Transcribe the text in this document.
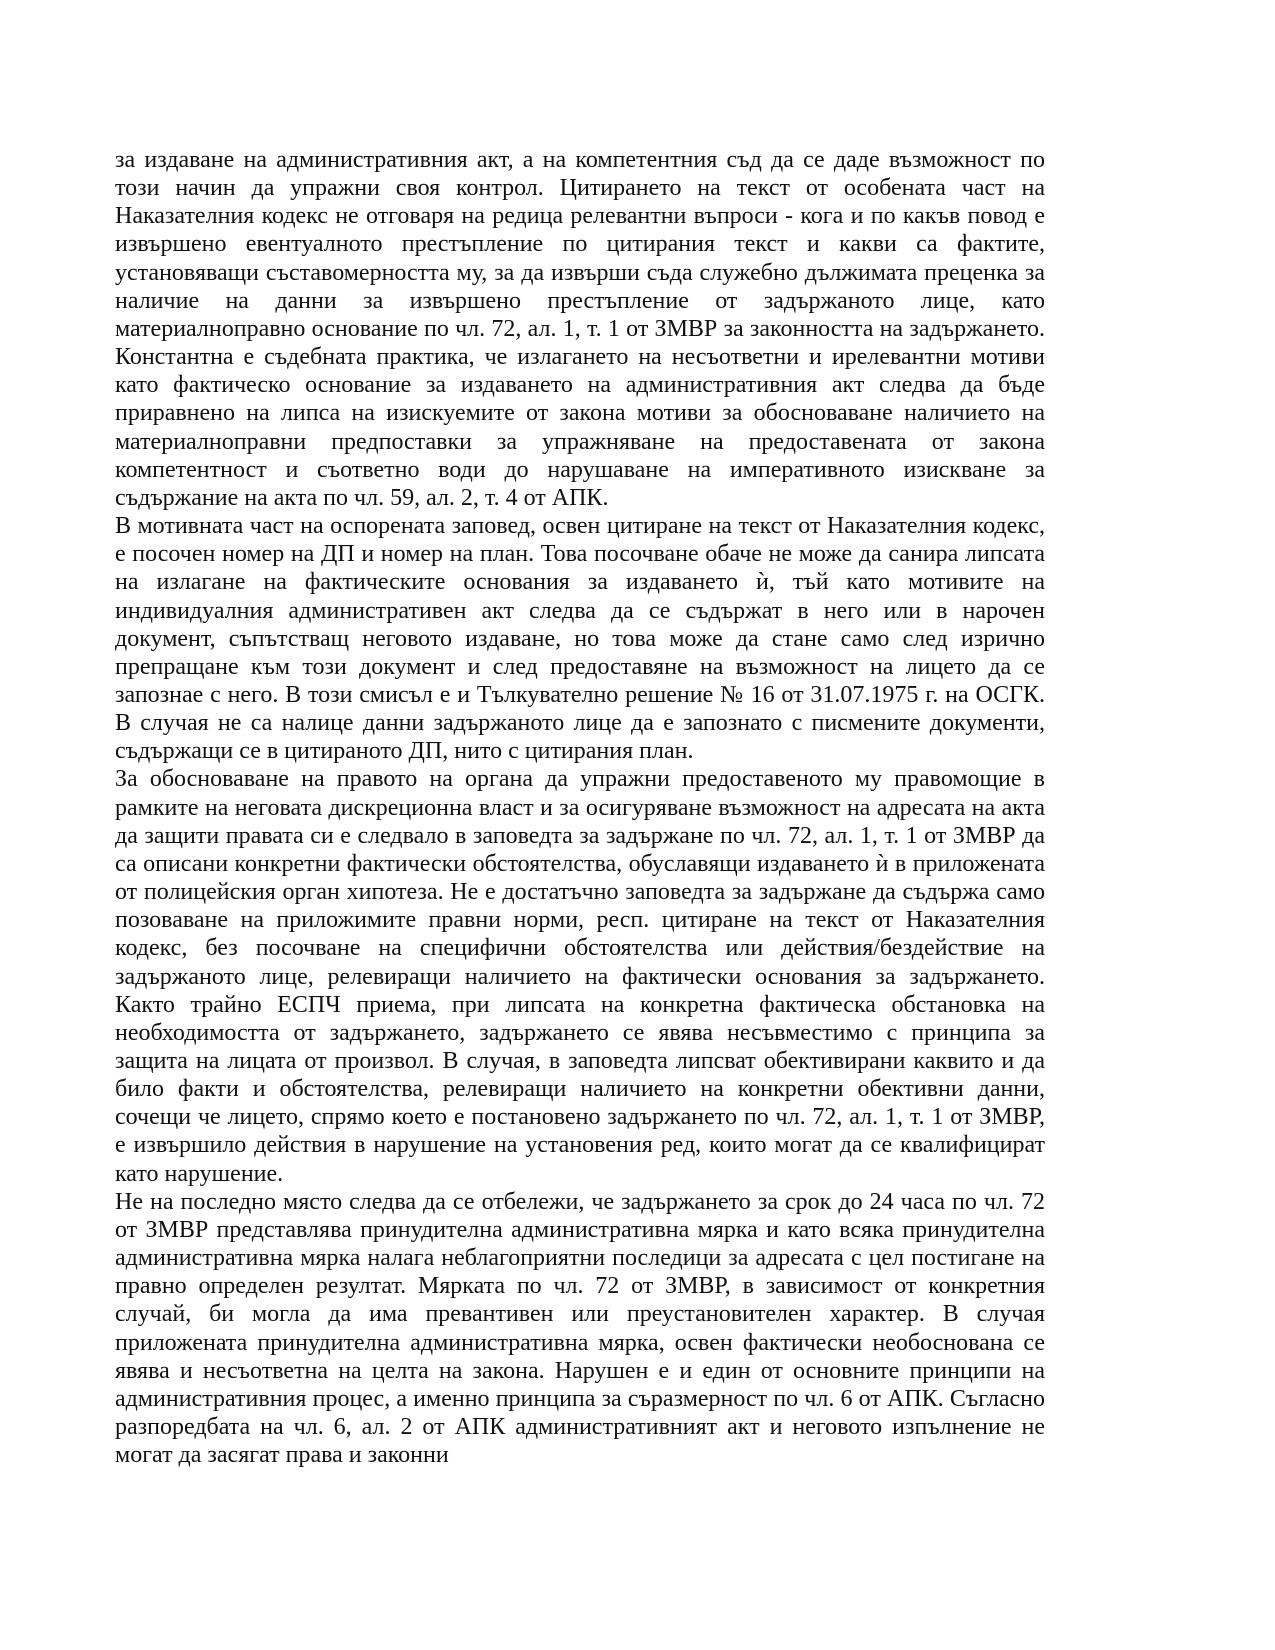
за издаване на административния акт, а на компетентния съд да се даде възможност по този начин да упражни своя контрол. Цитирането на текст от особената част на Наказателния кодекс не отговаря на редица релевантни въпроси - кога и по какъв повод е извършено евентуалното престъпление по цитирания текст и какви са фактите, установяващи съставомерността му, за да извърши съда служебно дължимата преценка за наличие на данни за извършено престъпление от задържаното лице, като материалноправно основание по чл. 72, ал. 1, т. 1 от ЗМВР за законността на задържането. Константна е съдебната практика, че излагането на несъответни и ирелевантни мотиви като фактическо основание за издаването на административния акт следва да бъде приравнено на липса на изискуемите от закона мотиви за обосноваване наличието на материалноправни предпоставки за упражняване на предоставената от закона компетентност и съответно води до нарушаване на императивното изискване за съдържание на акта по чл. 59, ал. 2, т. 4 от АПК.

В мотивната част на оспорената заповед, освен цитиране на текст от Наказателния кодекс, е посочен номер на ДП и номер на план. Това посочване обаче не може да санира липсата на излагане на фактическите основания за издаването ѝ, тъй като мотивите на индивидуалния административен акт следва да се съдържат в него или в нарочен документ, съпътстващ неговото издаване, но това може да стане само след изрично препращане към този документ и след предоставяне на възможност на лицето да се запознае с него. В този смисъл е и Тълкувателно решение № 16 от 31.07.1975 г. на ОСГК. В случая не са налице данни задържаното лице да е запознато с писмените документи, съдържащи се в цитираното ДП, нито с цитирания план.

За обосноваване на правото на органа да упражни предоставеното му правомощие в рамките на неговата дискреционна власт и за осигуряване възможност на адресата на акта да защити правата си е следвало в заповедта за задържане по чл. 72, ал. 1, т. 1 от ЗМВР да са описани конкретни фактически обстоятелства, обуславящи издаването ѝ в приложената от полицейския орган хипотеза. Не е достатъчно заповедта за задържане да съдържа само позоваване на приложимите правни норми, респ. цитиране на текст от Наказателния кодекс, без посочване на специфични обстоятелства или действия/бездействие на задържаното лице, релевиращи наличието на фактически основания за задържането. Както трайно ЕСПЧ приема, при липсата на конкретна фактическа обстановка на необходимостта от задържането, задържането се явява несъвместимо с принципа за защита на лицата от произвол. В случая, в заповедта липсват обективирани каквито и да било факти и обстоятелства, релевиращи наличието на конкретни обективни данни, сочещи че лицето, спрямо което е постановено задържането по чл. 72, ал. 1, т. 1 от ЗМВР, е извършило действия в нарушение на установения ред, които могат да се квалифицират като нарушение.

Не на последно място следва да се отбележи, че задържането за срок до 24 часа по чл. 72 от ЗМВР представлява принудителна административна мярка и като всяка принудителна административна мярка налага неблагоприятни последици за адресата с цел постигане на правно определен резултат. Мярката по чл. 72 от ЗМВР, в зависимост от конкретния случай, би могла да има превантивен или преустановителен характер. В случая приложената принудителна административна мярка, освен фактически необоснована се явява и несъответна на целта на закона. Нарушен е и един от основните принципи на административния процес, а именно принципа за съразмерност по чл. 6 от АПК. Съгласно разпоредбата на чл. 6, ал. 2 от АПК административният акт и неговото изпълнение не могат да засягат права и законни
